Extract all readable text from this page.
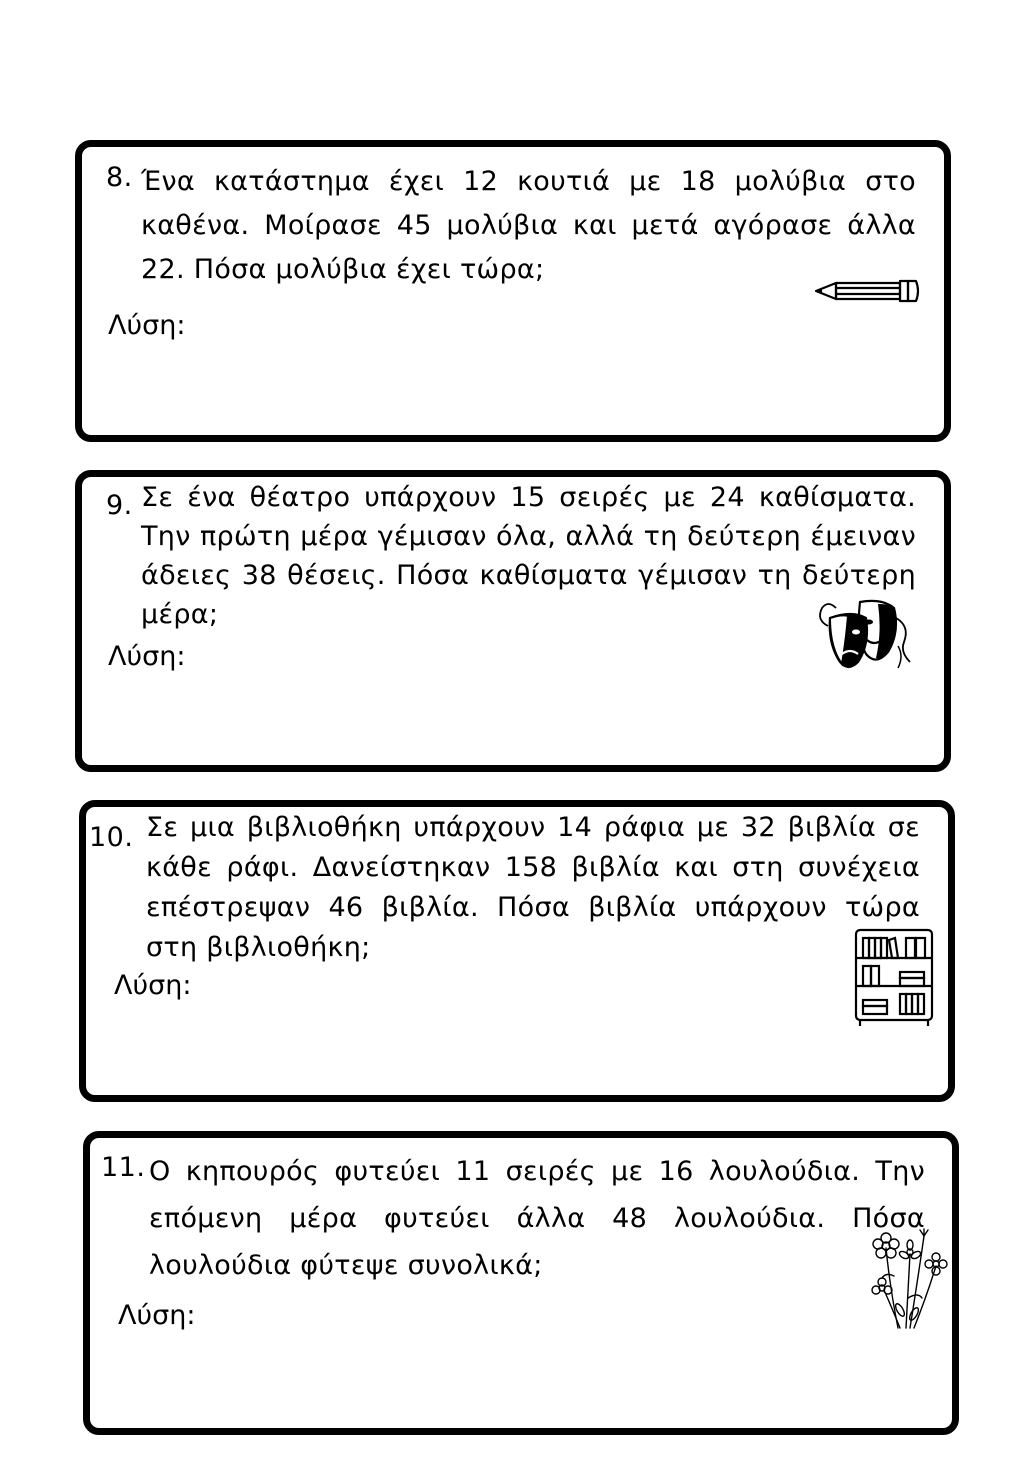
8. Ένα κατάστημα έχει 12 κουτιά με 18 μολύβια στο καθένα. Μοίρασε 45 μολύβια και μετά αγόρασε άλλα 22. Πόσα μολύβια έχει τώρα;

Λύση:
9. Σε ένα θέατρο υπάρχουν 15 σειρές με 24 καθίσματα. Την πρώτη μέρα γέμισαν όλα, αλλά τη δεύτερη έμειναν άδειες 38 θέσεις. Πόσα καθίσματα γέμισαν τη δεύτερη μέρα;

Λύση:
10. Σε μια βιβλιοθήκη υπάρχουν 14 ράφια με 32 βιβλία σε κάθε ράφι. Δανείστηκαν 158 βιβλία και στη συνέχεια επέστρεψαν 46 βιβλία. Πόσα βιβλία υπάρχουν τώρα στη βιβλιοθήκη;

Λύση:
11. Ο κηπουρός φυτεύει 11 σειρές με 16 λουλούδια. Την επόμενη μέρα φυτεύει άλλα 48 λουλούδια. Πόσα λουλούδια φύτεψε συνολικά;

Λύση:
